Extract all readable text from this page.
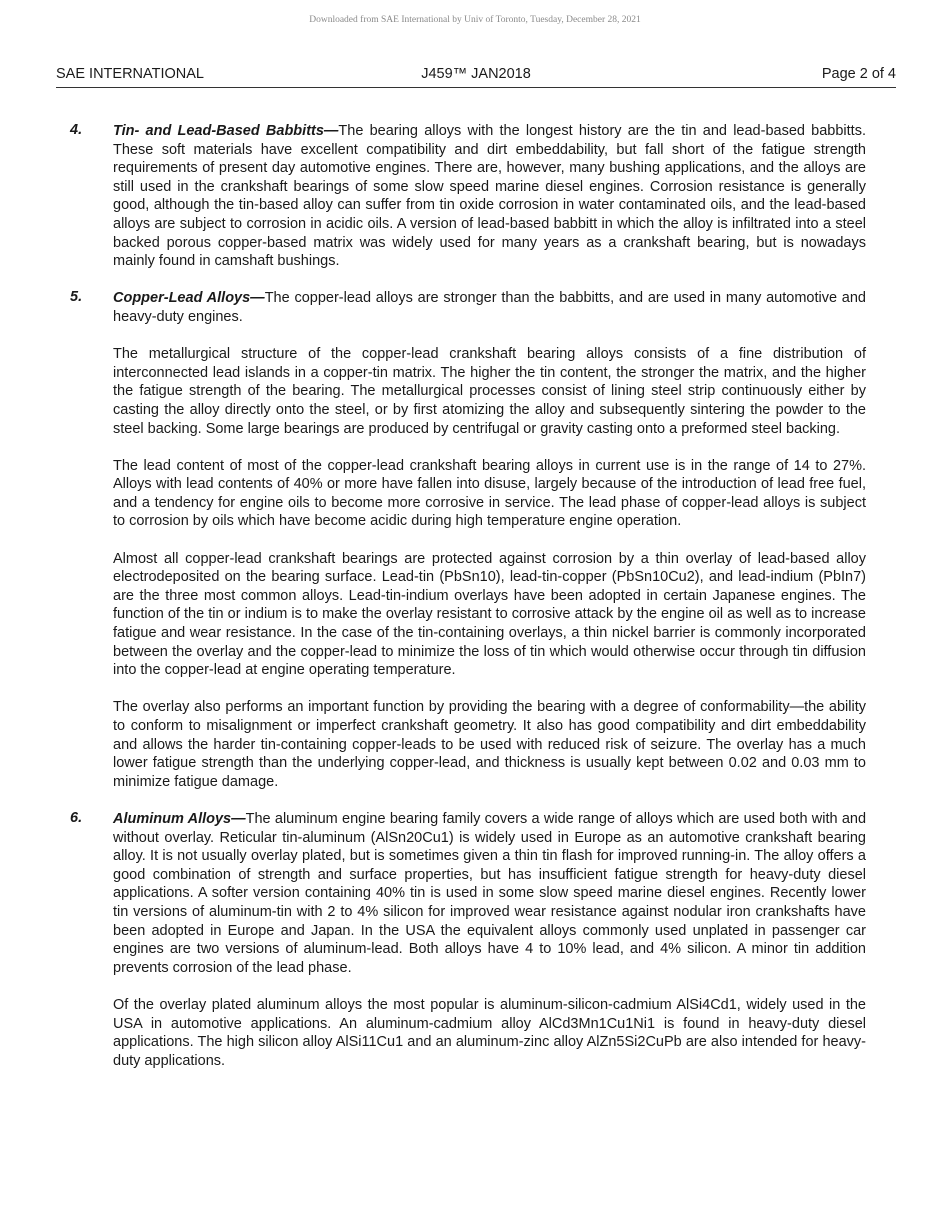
Downloaded from SAE International by Univ of Toronto, Tuesday, December 28, 2021
SAE INTERNATIONAL	J459™ JAN2018	Page 2 of 4
4. Tin- and Lead-Based Babbitts—The bearing alloys with the longest history are the tin and lead-based babbitts. These soft materials have excellent compatibility and dirt embeddability, but fall short of the fatigue strength requirements of present day automotive engines. There are, however, many bushing applications, and the alloys are still used in the crankshaft bearings of some slow speed marine diesel engines. Corrosion resistance is generally good, although the tin-based alloy can suffer from tin oxide corrosion in water contaminated oils, and the lead-based alloys are subject to corrosion in acidic oils. A version of lead-based babbitt in which the alloy is infiltrated into a steel backed porous copper-based matrix was widely used for many years as a crankshaft bearing, but is nowadays mainly found in camshaft bushings.

5. Copper-Lead Alloys—The copper-lead alloys are stronger than the babbitts, and are used in many automotive and heavy-duty engines.

The metallurgical structure of the copper-lead crankshaft bearing alloys consists of a fine distribution of interconnected lead islands in a copper-tin matrix. The higher the tin content, the stronger the matrix, and the higher the fatigue strength of the bearing. The metallurgical processes consist of lining steel strip continuously either by casting the alloy directly onto the steel, or by first atomizing the alloy and subsequently sintering the powder to the steel backing. Some large bearings are produced by centrifugal or gravity casting onto a preformed steel backing.

The lead content of most of the copper-lead crankshaft bearing alloys in current use is in the range of 14 to 27%. Alloys with lead contents of 40% or more have fallen into disuse, largely because of the introduction of lead free fuel, and a tendency for engine oils to become more corrosive in service. The lead phase of copper-lead alloys is subject to corrosion by oils which have become acidic during high temperature engine operation.

Almost all copper-lead crankshaft bearings are protected against corrosion by a thin overlay of lead-based alloy electrodeposited on the bearing surface. Lead-tin (PbSn10), lead-tin-copper (PbSn10Cu2), and lead-indium (PbIn7) are the three most common alloys. Lead-tin-indium overlays have been adopted in certain Japanese engines. The function of the tin or indium is to make the overlay resistant to corrosive attack by the engine oil as well as to increase fatigue and wear resistance. In the case of the tin-containing overlays, a thin nickel barrier is commonly incorporated between the overlay and the copper-lead to minimize the loss of tin which would otherwise occur through tin diffusion into the copper-lead at engine operating temperature.

The overlay also performs an important function by providing the bearing with a degree of conformability—the ability to conform to misalignment or imperfect crankshaft geometry. It also has good compatibility and dirt embeddability and allows the harder tin-containing copper-leads to be used with reduced risk of seizure. The overlay has a much lower fatigue strength than the underlying copper-lead, and thickness is usually kept between 0.02 and 0.03 mm to minimize fatigue damage.

6. Aluminum Alloys—The aluminum engine bearing family covers a wide range of alloys which are used both with and without overlay. Reticular tin-aluminum (AlSn20Cu1) is widely used in Europe as an automotive crankshaft bearing alloy. It is not usually overlay plated, but is sometimes given a thin tin flash for improved running-in. The alloy offers a good combination of strength and surface properties, but has insufficient fatigue strength for heavy-duty diesel applications. A softer version containing 40% tin is used in some slow speed marine diesel engines. Recently lower tin versions of aluminum-tin with 2 to 4% silicon for improved wear resistance against nodular iron crankshafts have been adopted in Europe and Japan. In the USA the equivalent alloys commonly used unplated in passenger car engines are two versions of aluminum-lead. Both alloys have 4 to 10% lead, and 4% silicon. A minor tin addition prevents corrosion of the lead phase.

Of the overlay plated aluminum alloys the most popular is aluminum-silicon-cadmium AlSi4Cd1, widely used in the USA in automotive applications. An aluminum-cadmium alloy AlCd3Mn1Cu1Ni1 is found in heavy-duty diesel applications. The high silicon alloy AlSi11Cu1 and an aluminum-zinc alloy AlZn5Si2CuPb are also intended for heavy-duty applications.
